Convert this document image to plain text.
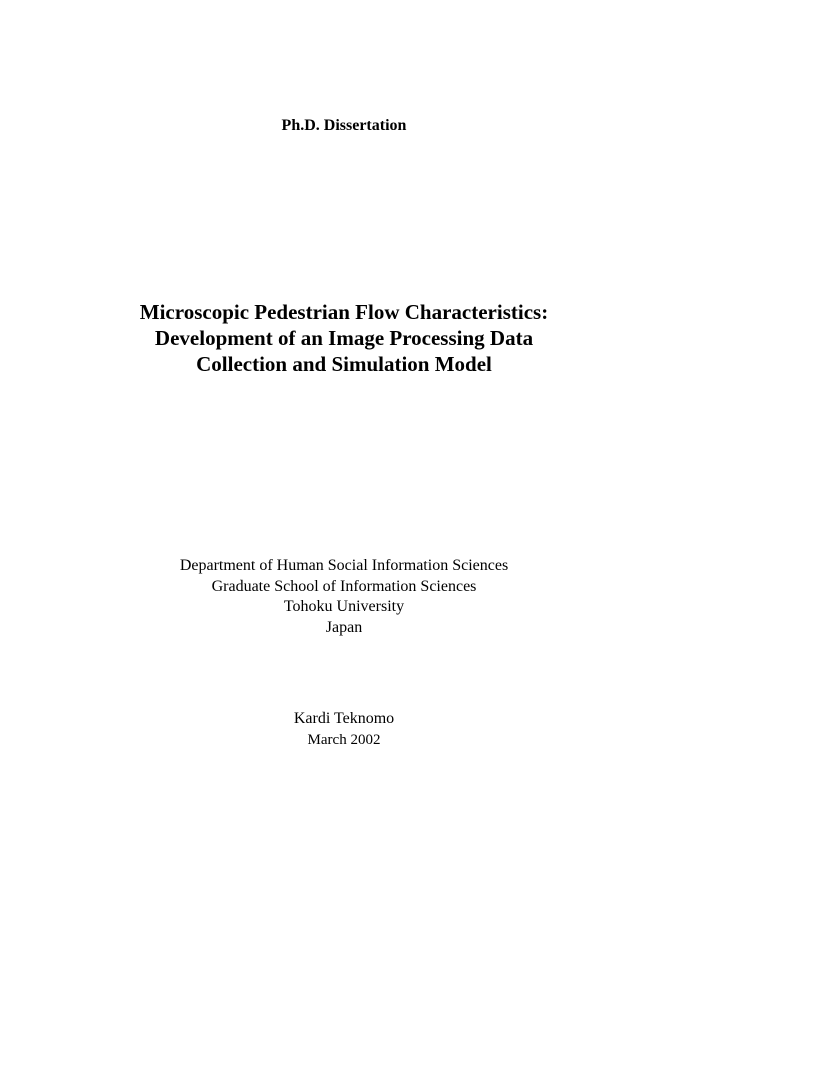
Ph.D. Dissertation
Microscopic Pedestrian Flow Characteristics:
Development of an Image Processing Data
Collection and Simulation Model
Department of Human Social Information Sciences
Graduate School of Information Sciences
Tohoku University
Japan
Kardi Teknomo
March 2002
